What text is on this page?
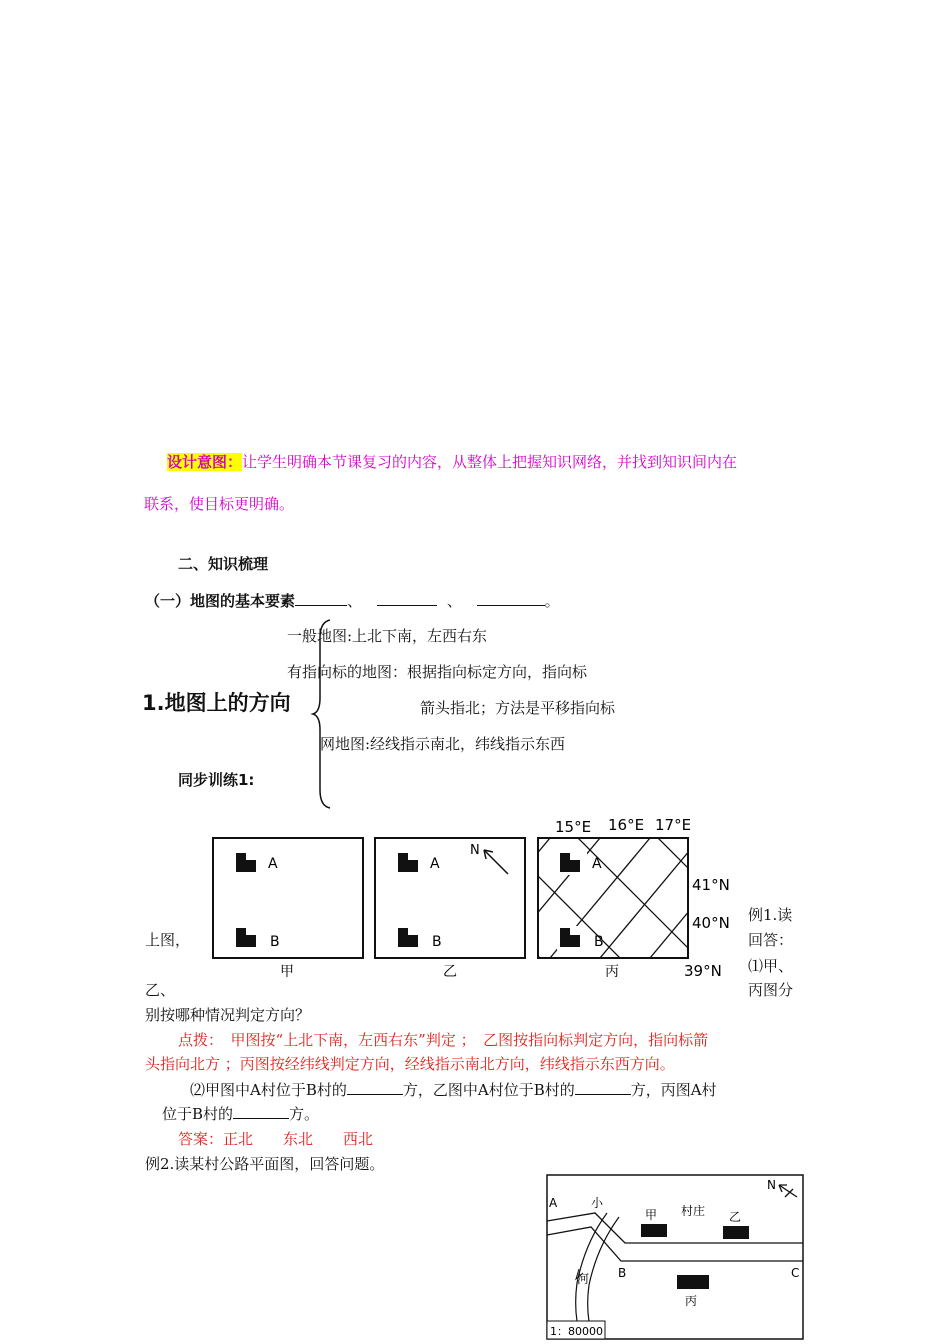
设计意图：让学生明确本节课复习的内容，从整体上把握知识网络，并找到知识间内在
联系，使目标更明确。
二、知识梳理
（一）地图的基本要素	、	、	。
一般地图:上北下南，左西右东
有指向标的地图：根据指向标定方向，指向标
1.地图上的方向	箭头指北；方法是平移指向标
网地图:经线指示南北，纬线指示东西
同步训练1:
A
B
甲
A
B
N
乙
A
B
15°E 16°E 17°E
41°N
40°N
39°N
丙
例1.读
上图，	回答：
⑴甲、
乙、	丙图分
别按哪种情况判定方向？
点拨：　甲图按“上北下南，左西右东”判定 ；　乙图按指向标判定方向，指向标箭
头指向北方 ；丙图按经纬线判定方向，经线指示南北方向，纬线指示东西方向。
⑵甲图中A村位于B村的	方，乙图中A村位于B村的	方，丙图A村
位于B村的	方。
答案：正北　　东北　　西北
例2.读某村公路平面图，回答问题。
A
B	C
小
河
村庄
甲	乙
丙
N
1：80000
